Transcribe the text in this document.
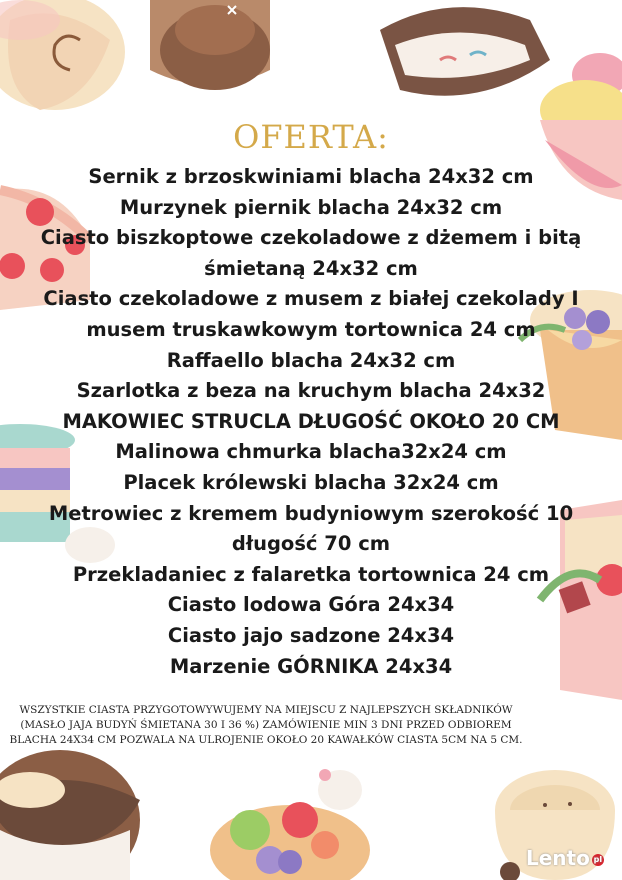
OFERTA:
Sernik z brzoskwiniami blacha 24x32 cm
Murzynek piernik blacha 24x32 cm
Ciasto biszkoptowe czekoladowe z dżemem i bitą
śmietaną 24x32 cm
Ciasto czekoladowe z musem z białej czekolady I
musem truskawkowym tortownica 24 cm
Raffaello blacha 24x32 cm
Szarlotka z beza na kruchym blacha 24x32
MAKOWIEC STRUCLA DŁUGOŚĆ OKOŁO 20 CM
Malinowa chmurka blacha32x24 cm
Placek królewski blacha 32x24 cm
Metrowiec z kremem budyniowym szerokość 10
długość 70 cm
Przekladaniec z falaretka tortownica 24 cm
Ciasto lodowa Góra 24x34
Ciasto jajo sadzone 24x34
Marzenie GÓRNIKA 24x34

WSZYSTKIE CIASTA PRZYGOTOWYWUJEMY NA MIEJSCU Z NAJLEPSZYCH SKŁADNIKÓW (MASŁO JAJA BUDYŃ ŚMIETANA 30 I 36 %) ZAMÓWIENIE MIN 3 DNI PRZED ODBIOREM BLACHA 24X34 CM POZWALA NA ULROJENIE OKOŁO 20 KAWAŁKÓW CIASTA 5CM NA 5 CM.

Lento pl
